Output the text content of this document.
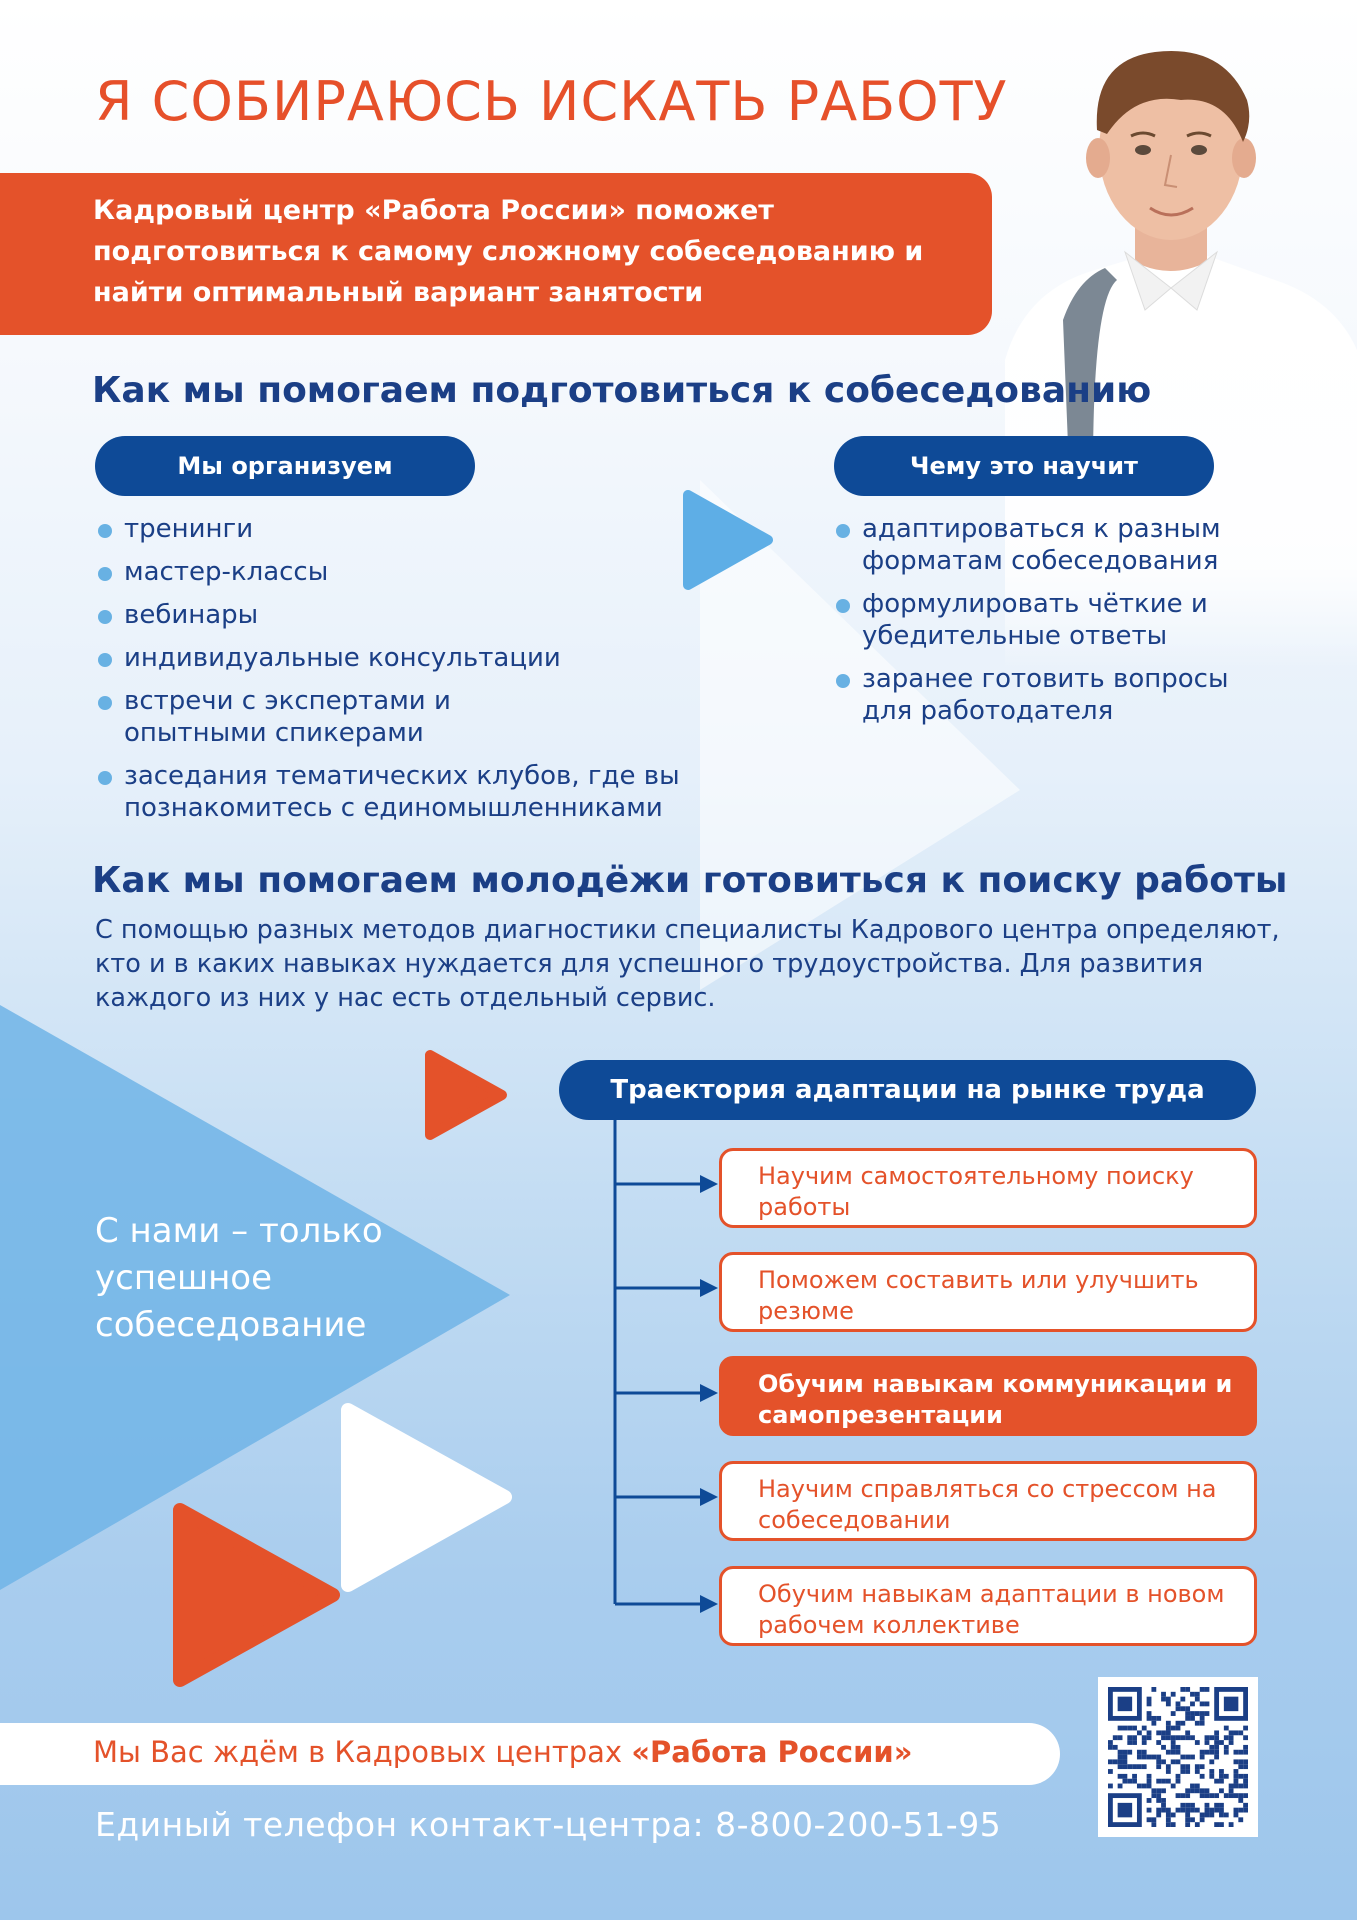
Я СОБИРАЮСЬ ИСКАТЬ РАБОТУ

Кадровый центр «Работа России» поможет подготовиться к самому сложному собеседованию и найти оптимальный вариант занятости

Как мы помогаем подготовиться к собеседованию
Мы организуем	Чему это научит
тренинги
мастер-классы
вебинары
индивидуальные консультации
встречи с экспертами и опытными спикерами
заседания тематических клубов, где вы познакомитесь с единомышленниками
адаптироваться к разным форматам собеседования
формулировать чёткие и убедительные ответы
заранее готовить вопросы для работодателя
Как мы помогаем молодёжи готовиться к поиску работы

С помощью разных методов диагностики специалисты Кадрового центра определяют, кто и в каких навыках нуждается для успешного трудоустройства. Для развития каждого из них у нас есть отдельный сервис.

С нами – только успешное собеседование

Траектория адаптации на рынке труда
Научим самостоятельному поиску работы
Поможем составить или улучшить резюме
Обучим навыкам коммуникации и самопрезентации
Научим справляться со стрессом на собеседовании
Обучим навыкам адаптации в новом рабочем коллективе

Мы Вас ждём в Кадровых центрах «Работа России»

Единый телефон контакт-центра: 8-800-200-51-95
